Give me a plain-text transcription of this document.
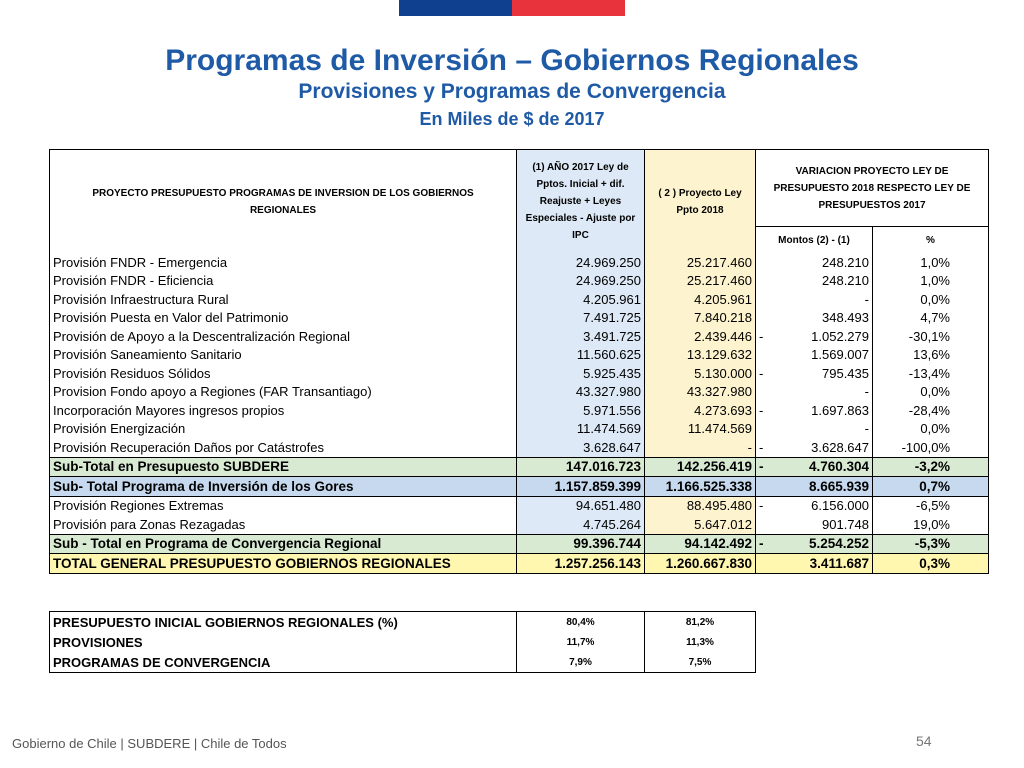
Programas de Inversión – Gobiernos Regionales
Provisiones y Programas de Convergencia
En Miles de $ de 2017
PROYECTO PRESUPUESTO PROGRAMAS DE INVERSION DE LOS GOBIERNOS REGIONALES	(1) AÑO 2017 Ley de Pptos. Inicial + dif. Reajuste + Leyes Especiales - Ajuste por IPC	( 2 ) Proyecto Ley Ppto 2018	VARIACION PROYECTO LEY DE PRESUPUESTO 2018 RESPECTO LEY DE PRESUPUESTOS 2017	
			Montos (2) - (1)	%
Provisión FNDR - Emergencia	24.969.250	25.217.460	248.210	1,0%
Provisión FNDR - Eficiencia	24.969.250	25.217.460	248.210	1,0%
Provisión Infraestructura Rural	4.205.961	4.205.961	-	0,0%
Provisión Puesta en Valor del Patrimonio	7.491.725	7.840.218	348.493	4,7%
Provisión de Apoyo a la Descentralización Regional	3.491.725	2.439.446	- 1.052.279	-30,1%
Provisión Saneamiento Sanitario	11.560.625	13.129.632	1.569.007	13,6%
Provisión Residuos Sólidos	5.925.435	5.130.000	- 795.435	-13,4%
Provision Fondo apoyo a Regiones (FAR Transantiago)	43.327.980	43.327.980	-	0,0%
Incorporación Mayores ingresos propios	5.971.556	4.273.693	- 1.697.863	-28,4%
Provisión Energización	11.474.569	11.474.569	-	0,0%
Provisión Recuperación Daños por Catástrofes	3.628.647	-	- 3.628.647	-100,0%
Sub-Total en Presupuesto SUBDERE	147.016.723	142.256.419	- 4.760.304	-3,2%
Sub- Total Programa de Inversión de los Gores	1.157.859.399	1.166.525.338	8.665.939	0,7%
Provisión Regiones Extremas	94.651.480	88.495.480	- 6.156.000	-6,5%
Provisión para Zonas Rezagadas	4.745.264	5.647.012	901.748	19,0%
Sub - Total en Programa de Convergencia Regional	99.396.744	94.142.492	- 5.254.252	-5,3%
TOTAL GENERAL PRESUPUESTO GOBIERNOS REGIONALES	1.257.256.143	1.260.667.830	3.411.687	0,3%
PRESUPUESTO INICIAL GOBIERNOS REGIONALES (%)	80,4%	81,2%
PROVISIONES	11,7%	11,3%
PROGRAMAS DE CONVERGENCIA	7,9%	7,5%
Gobierno de Chile | SUBDERE | Chile de Todos	54
